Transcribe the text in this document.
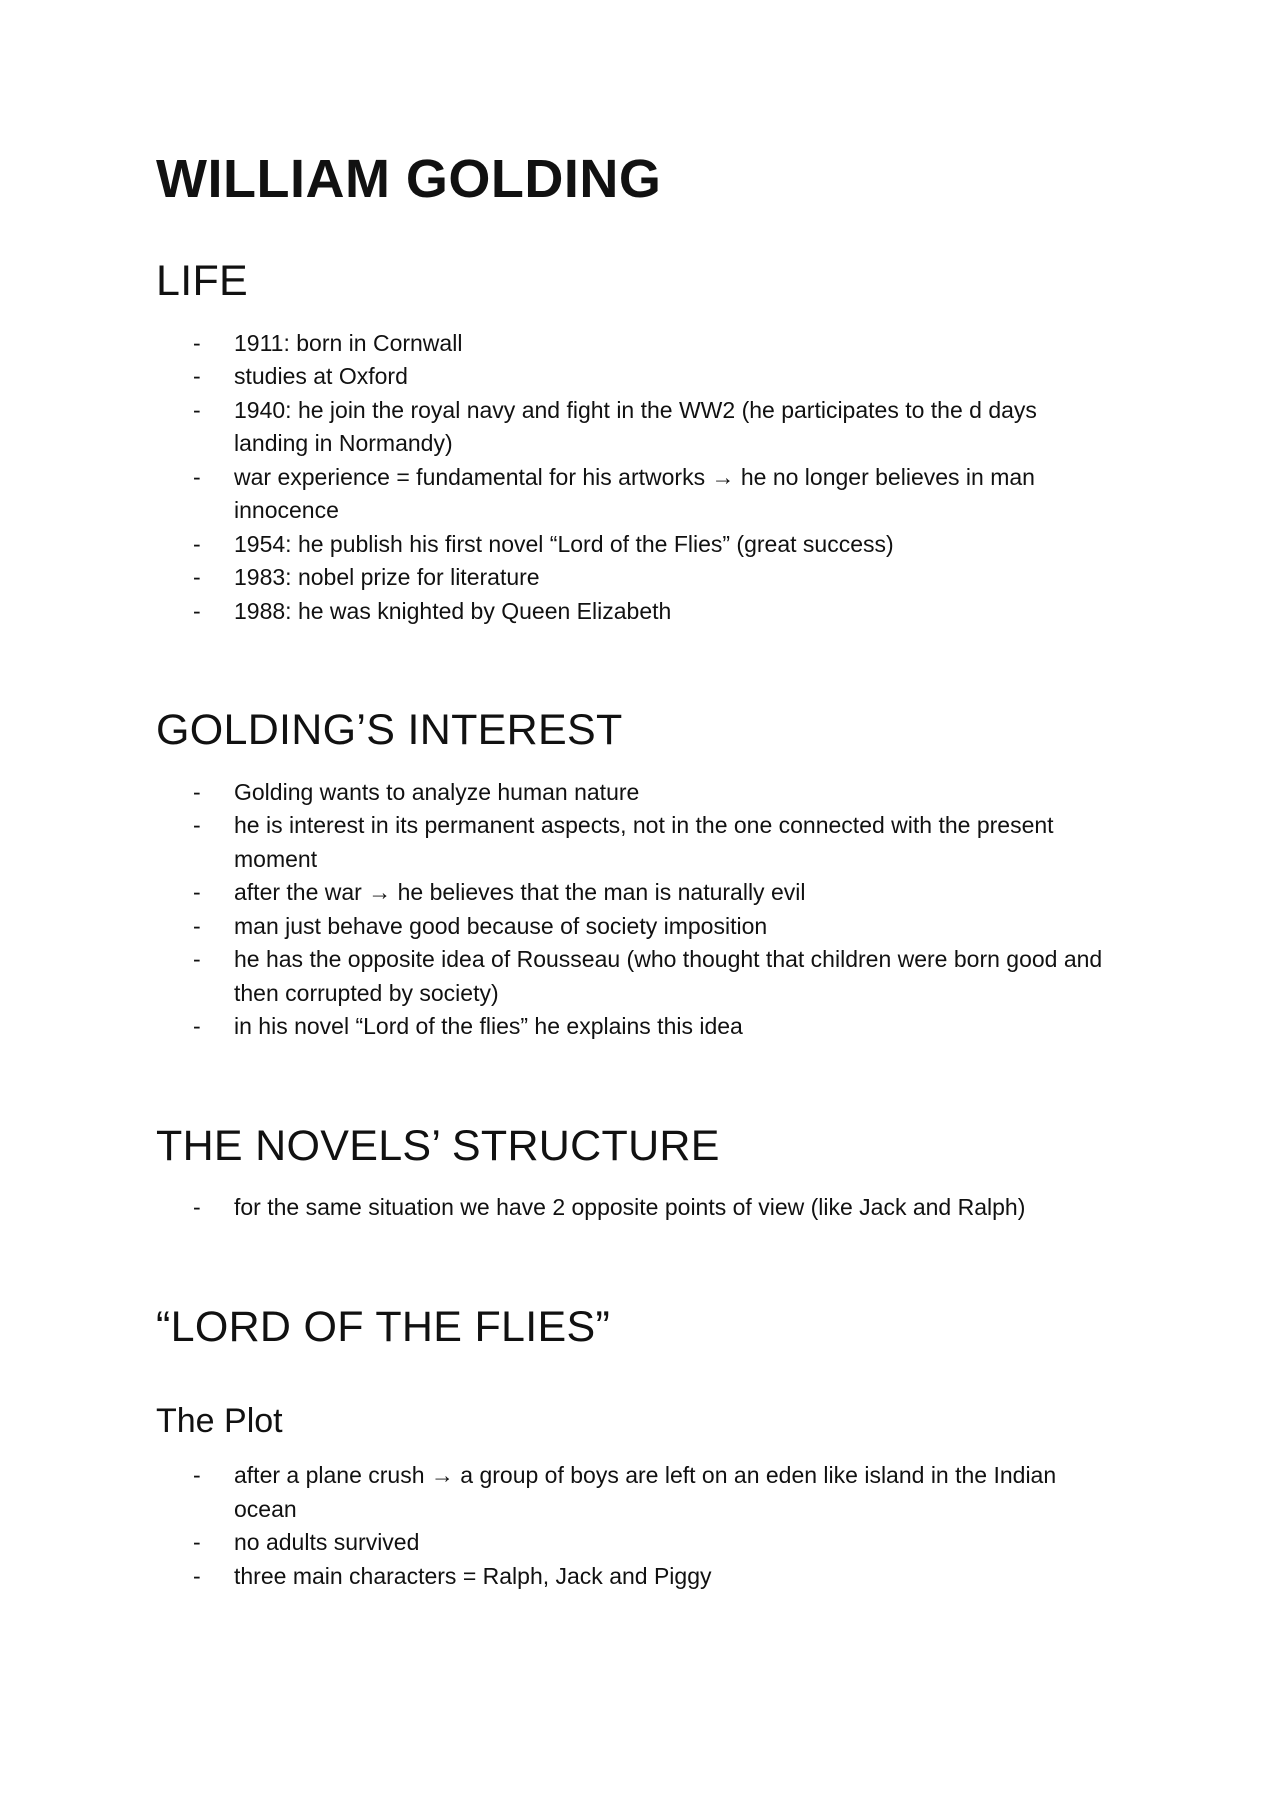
WILLIAM GOLDING
LIFE
- 1911: born in Cornwall
- studies at Oxford
- 1940: he join the royal navy and fight in the WW2 (he participates to the d days landing in Normandy)
- war experience = fundamental for his artworks → he no longer believes in man innocence
- 1954: he publish his first novel “Lord of the Flies” (great success)
- 1983: nobel prize for literature
- 1988: he was knighted by Queen Elizabeth
GOLDING’S INTEREST
- Golding wants to analyze human nature
- he is interest in its permanent aspects, not in the one connected with the present moment
- after the war → he believes that the man is naturally evil
- man just behave good because of society imposition
- he has the opposite idea of Rousseau (who thought that children were born good and then corrupted by society)
- in his novel “Lord of the flies” he explains this idea
THE NOVELS’ STRUCTURE
- for the same situation we have 2 opposite points of view (like Jack and Ralph)
“LORD OF THE FLIES”
The Plot
- after a plane crush → a group of boys are left on an eden like island in the Indian ocean
- no adults survived
- three main characters = Ralph, Jack and Piggy
